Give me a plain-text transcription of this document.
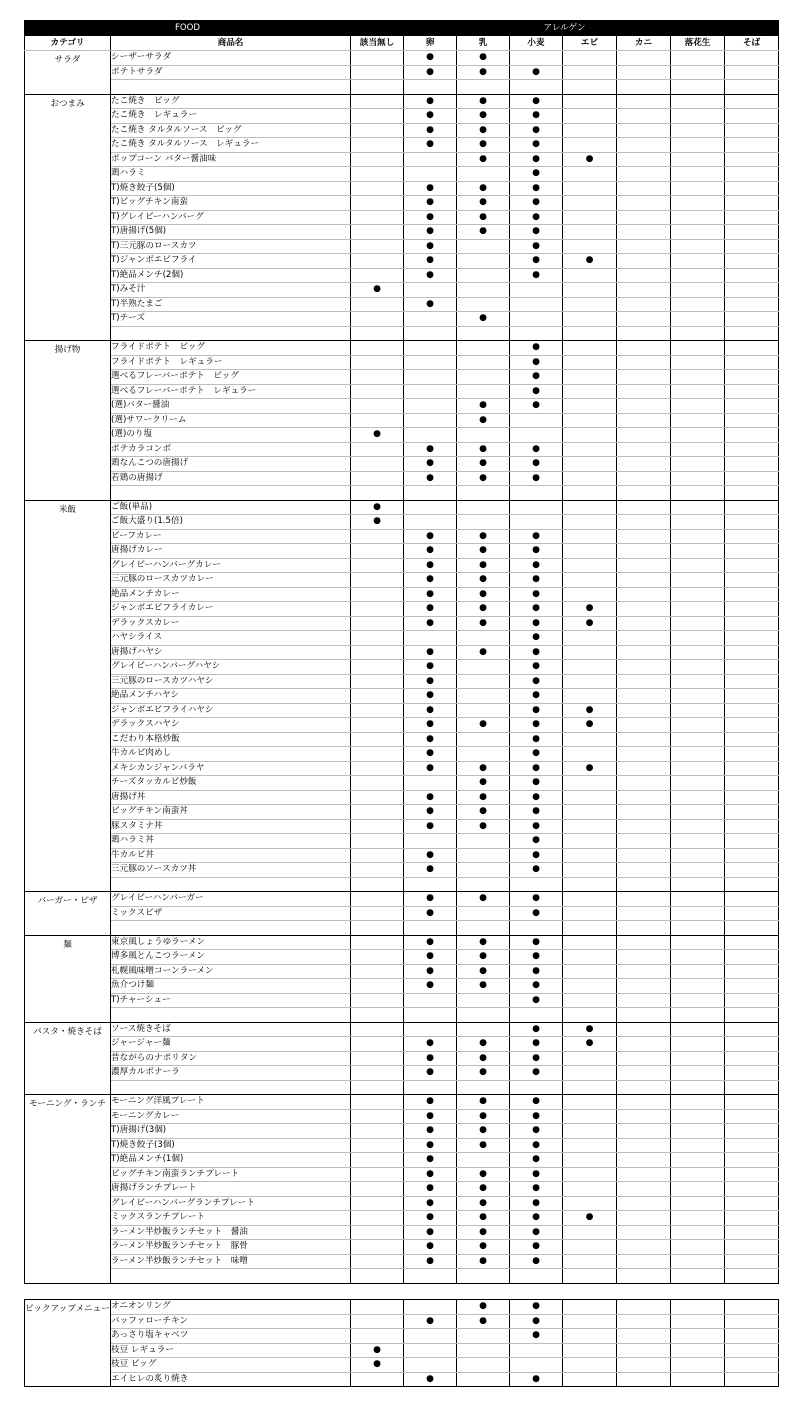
FOOD		アレルゲン							
カテゴリ	商品名	該当無し	卵	乳	小麦	エビ	カニ	落花生	そば
サラダ	シーザーサラダ		●	●					
	ポテトサラダ		●	●	●				

おつまみ	たこ焼き　ビッグ		●	●	●				
	たこ焼き　レギュラー		●	●	●				
	たこ焼き タルタルソース　ビッグ		●	●	●				
	たこ焼き タルタルソース　レギュラー		●	●	●				
	ポップコーン バター醤油味			●	●	●			
	鶏ハラミ				●				
	T)焼き餃子(5個)		●	●	●				
	T)ビッグチキン南蛮		●	●	●				
	T)グレイビーハンバーグ		●	●	●				
	T)唐揚げ(5個)		●	●	●				
	T)三元豚のロースカツ		●		●				
	T)ジャンボエビフライ		●		●	●			
	T)絶品メンチ(2個)		●		●				
	T)みそ汁	●							
	T)半熟たまご		●						
	T)チーズ			●					

揚げ物	フライドポテト　ビッグ				●				
	フライドポテト　レギュラー				●				
	選べるフレーバーポテト　ビッグ				●				
	選べるフレーバーポテト　レギュラー				●				
	(選)バター醤油			●	●				
	(選)サワークリーム			●					
	(選)のり塩	●							
	ポテカラコンボ		●	●	●				
	鶏なんこつの唐揚げ		●	●	●				
	若鶏の唐揚げ		●	●	●				

米飯	ご飯(単品)	●							
	ご飯大盛り(1.5倍)	●							
	ビーフカレー		●	●	●				
	唐揚げカレー		●	●	●				
	グレイビーハンバーグカレー		●	●	●				
	三元豚のロースカツカレー		●	●	●				
	絶品メンチカレー		●	●	●				
	ジャンボエビフライカレー		●	●	●	●			
	デラックスカレー		●	●	●	●			
	ハヤシライス				●				
	唐揚げハヤシ		●	●	●				
	グレイビーハンバーグハヤシ		●		●				
	三元豚のロースカツハヤシ		●		●				
	絶品メンチハヤシ		●		●				
	ジャンボエビフライハヤシ		●		●	●			
	デラックスハヤシ		●	●	●	●			
	こだわり本格炒飯		●		●				
	牛カルビ肉めし		●		●				
	メキシカンジャンバラヤ		●	●	●	●			
	チーズタッカルビ炒飯			●	●				
	唐揚げ丼		●	●	●				
	ビッグチキン南蛮丼		●	●	●				
	豚スタミナ丼		●	●	●				
	鶏ハラミ丼				●				
	牛カルビ丼		●		●				
	三元豚のソースカツ丼		●		●				

バーガー・ピザ	グレイビーハンバーガー		●	●	●				
	ミックスピザ		●		●				

麺	東京風しょうゆラーメン		●	●	●				
	博多風とんこつラーメン		●	●	●				
	札幌風味噌コーンラーメン		●	●	●				
	魚介つけ麺		●	●	●				
	T)チャーシュー				●				

パスタ・焼きそば	ソース焼きそば				●	●			
	ジャージャー麺		●	●	●	●			
	昔ながらのナポリタン		●	●	●				
	濃厚カルボナーラ		●	●	●				

モーニング・ランチ	モーニング洋風プレート		●	●	●				
	モーニングカレー		●	●	●				
	T)唐揚げ(3個)		●	●	●				
	T)焼き餃子(3個)		●	●	●				
	T)絶品メンチ(1個)		●		●				
	ビッグチキン南蛮ランチプレート		●	●	●				
	唐揚げランチプレート		●	●	●				
	グレイビーハンバーグランチプレート		●	●	●				
	ミックスランチプレート		●	●	●	●			
	ラーメン半炒飯ランチセット　醤油		●	●	●				
	ラーメン半炒飯ランチセット　豚骨		●	●	●				
	ラーメン半炒飯ランチセット　味噌		●	●	●				

ピックアップメニュー	オニオンリング			●	●				
	バッファローチキン		●	●	●				
	あっさり塩キャベツ				●				
	枝豆 レギュラー	●							
	枝豆 ビッグ	●							
	エイヒレの炙り焼き		●		●				
